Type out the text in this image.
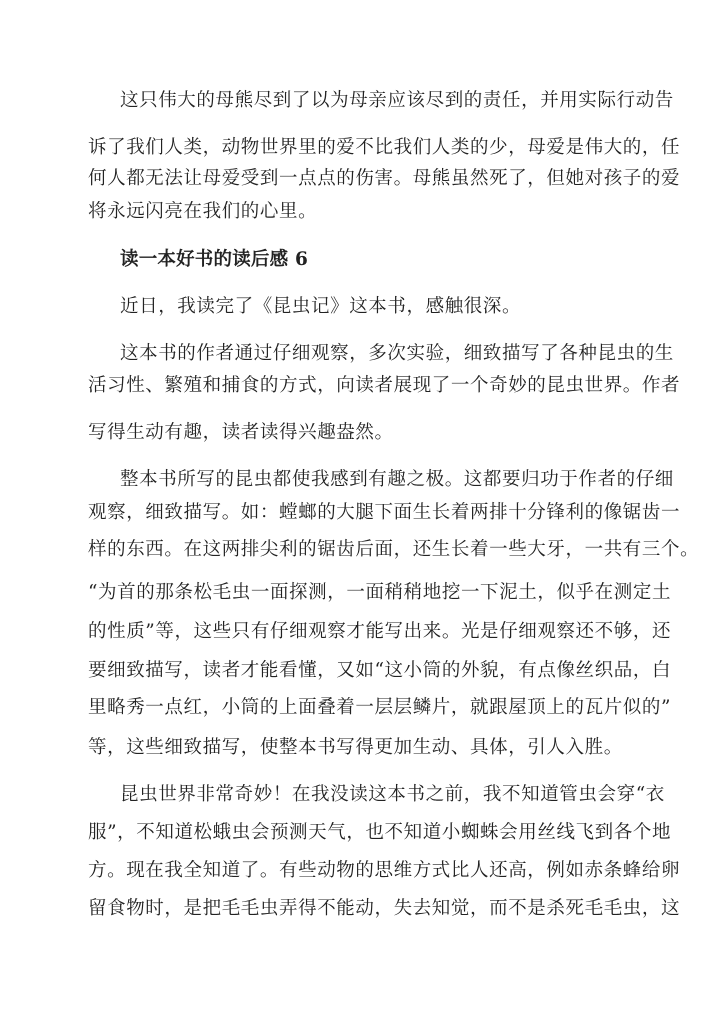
这只伟大的母熊尽到了以为母亲应该尽到的责任，并用实际行动告
诉了我们人类，动物世界里的爱不比我们人类的少，母爱是伟大的，任
何人都无法让母爱受到一点点的伤害。母熊虽然死了，但她对孩子的爱
将永远闪亮在我们的心里。
读一本好书的读后感 6
近日，我读完了《昆虫记》这本书，感触很深。
这本书的作者通过仔细观察，多次实验，细致描写了各种昆虫的生
活习性、繁殖和捕食的方式，向读者展现了一个奇妙的昆虫世界。作者
写得生动有趣，读者读得兴趣盎然。
整本书所写的昆虫都使我感到有趣之极。这都要归功于作者的仔细
观察，细致描写。如：螳螂的大腿下面生长着两排十分锋利的像锯齿一
样的东西。在这两排尖利的锯齿后面，还生长着一些大牙，一共有三个。
“为首的那条松毛虫一面探测，一面稍稍地挖一下泥土，似乎在测定土
的性质”等，这些只有仔细观察才能写出来。光是仔细观察还不够，还
要细致描写，读者才能看懂，又如“这小筒的外貌，有点像丝织品，白
里略秀一点红，小筒的上面叠着一层层鳞片，就跟屋顶上的瓦片似的”
等，这些细致描写，使整本书写得更加生动、具体，引人入胜。
昆虫世界非常奇妙！在我没读这本书之前，我不知道管虫会穿“衣
服”，不知道松蛾虫会预测天气，也不知道小蜘蛛会用丝线飞到各个地
方。现在我全知道了。有些动物的思维方式比人还高，例如赤条蜂给卵
留食物时，是把毛毛虫弄得不能动，失去知觉，而不是杀死毛毛虫，这
